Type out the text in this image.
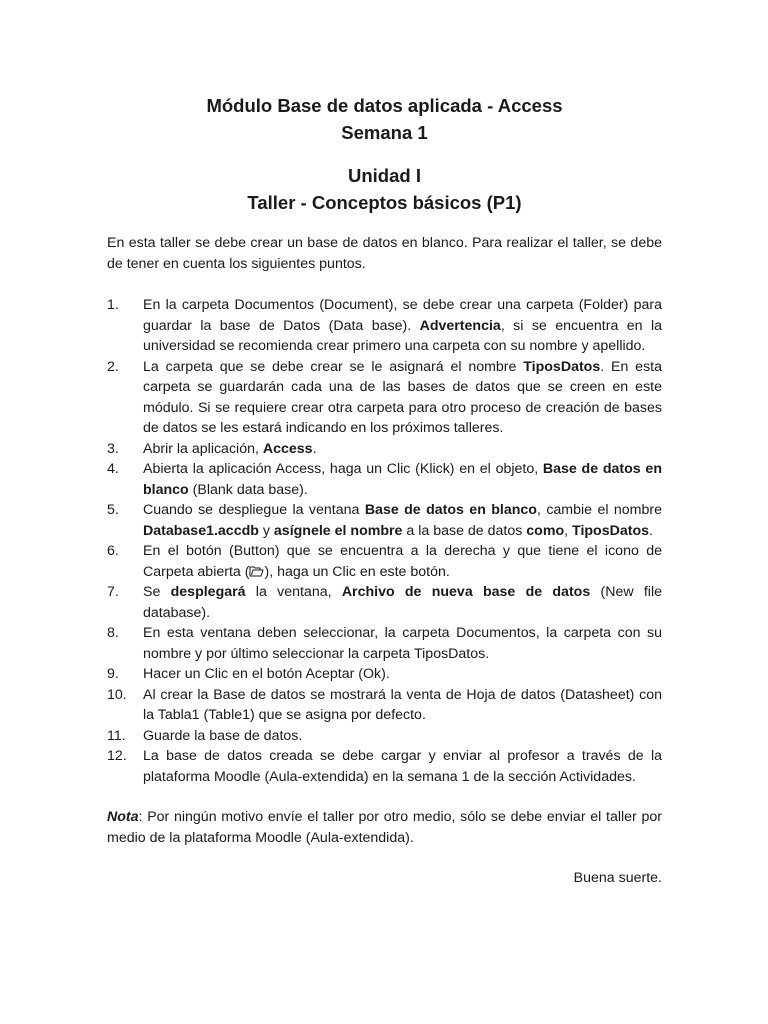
Módulo Base de datos aplicada - Access
Semana 1
Unidad I
Taller - Conceptos básicos (P1)

En esta taller se debe crear un base de datos en blanco. Para realizar el taller, se debe de tener en cuenta los siguientes puntos.

1. En la carpeta Documentos (Document), se debe crear una carpeta (Folder) para guardar la base de Datos (Data base). Advertencia, si se encuentra en la universidad se recomienda crear primero una carpeta con su nombre y apellido.
2. La carpeta que se debe crear se le asignará el nombre TiposDatos. En esta carpeta se guardarán cada una de las bases de datos que se creen en este módulo. Si se requiere crear otra carpeta para otro proceso de creación de bases de datos se les estará indicando en los próximos talleres.
3. Abrir la aplicación, Access.
4. Abierta la aplicación Access, haga un Clic (Klick) en el objeto, Base de datos en blanco (Blank data base).
5. Cuando se despliegue la ventana Base de datos en blanco, cambie el nombre Database1.accdb y asígnele el nombre a la base de datos como, TiposDatos.
6. En el botón (Button) que se encuentra a la derecha y que tiene el icono de Carpeta abierta ( ), haga un Clic en este botón.
7. Se desplegará la ventana, Archivo de nueva base de datos (New file database).
8. En esta ventana deben seleccionar, la carpeta Documentos, la carpeta con su nombre y por último seleccionar la carpeta TiposDatos.
9. Hacer un Clic en el botón Aceptar (Ok).
10. Al crear la Base de datos se mostrará la venta de Hoja de datos (Datasheet) con la Tabla1 (Table1) que se asigna por defecto.
11. Guarde la base de datos.
12. La base de datos creada se debe cargar y enviar al profesor a través de la plataforma Moodle (Aula-extendida) en la semana 1 de la sección Actividades.

Nota: Por ningún motivo envíe el taller por otro medio, sólo se debe enviar el taller por medio de la plataforma Moodle (Aula-extendida).

Buena suerte.
